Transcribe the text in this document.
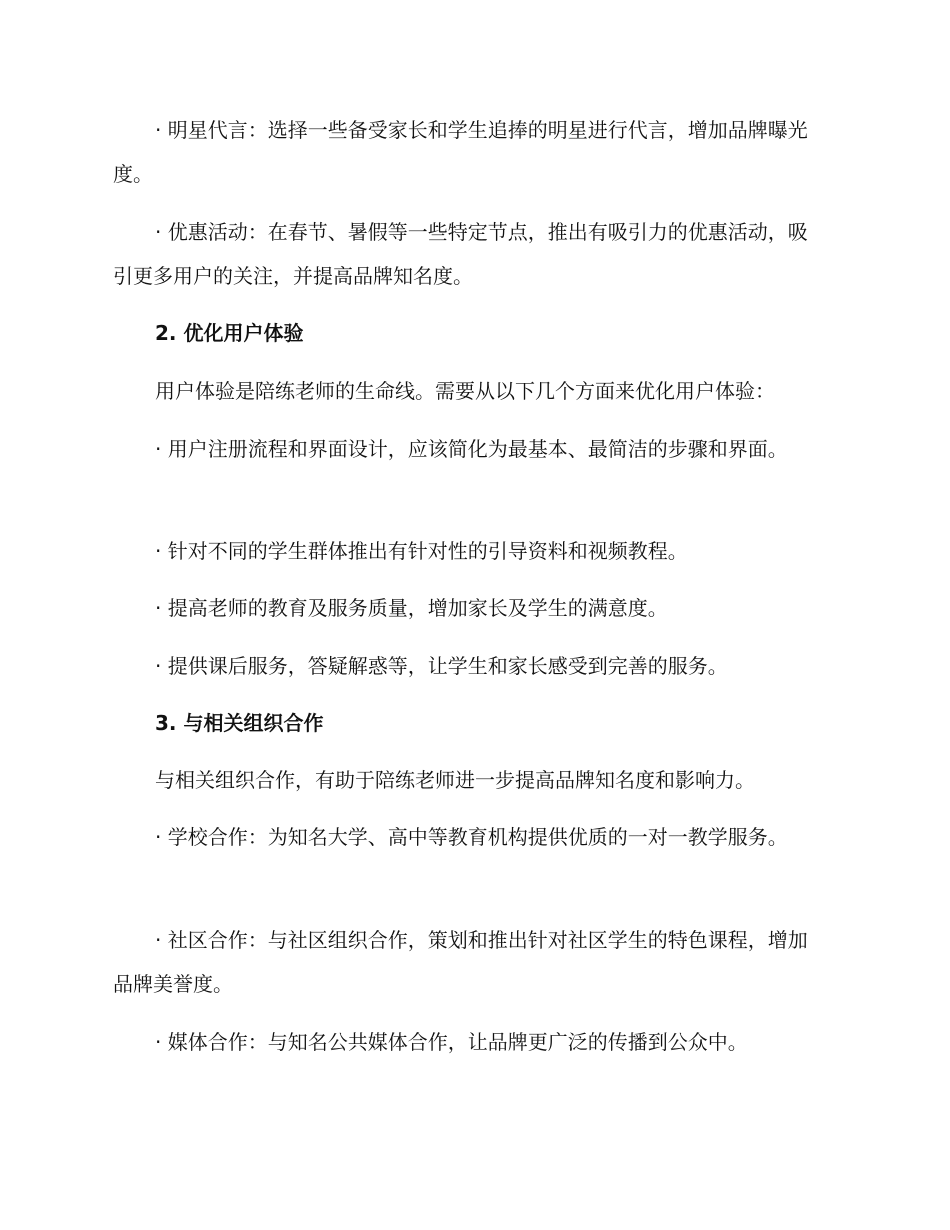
· 明星代言：选择一些备受家长和学生追捧的明星进行代言，增加品牌曝光度。

· 优惠活动：在春节、暑假等一些特定节点，推出有吸引力的优惠活动，吸引更多用户的关注，并提高品牌知名度。

2. 优化用户体验

用户体验是陪练老师的生命线。需要从以下几个方面来优化用户体验：

· 用户注册流程和界面设计，应该简化为最基本、最简洁的步骤和界面。

· 针对不同的学生群体推出有针对性的引导资料和视频教程。

· 提高老师的教育及服务质量，增加家长及学生的满意度。

· 提供课后服务，答疑解惑等，让学生和家长感受到完善的服务。

3. 与相关组织合作

与相关组织合作，有助于陪练老师进一步提高品牌知名度和影响力。

· 学校合作：为知名大学、高中等教育机构提供优质的一对一教学服务。

· 社区合作：与社区组织合作，策划和推出针对社区学生的特色课程，增加品牌美誉度。

· 媒体合作：与知名公共媒体合作，让品牌更广泛的传播到公众中。
